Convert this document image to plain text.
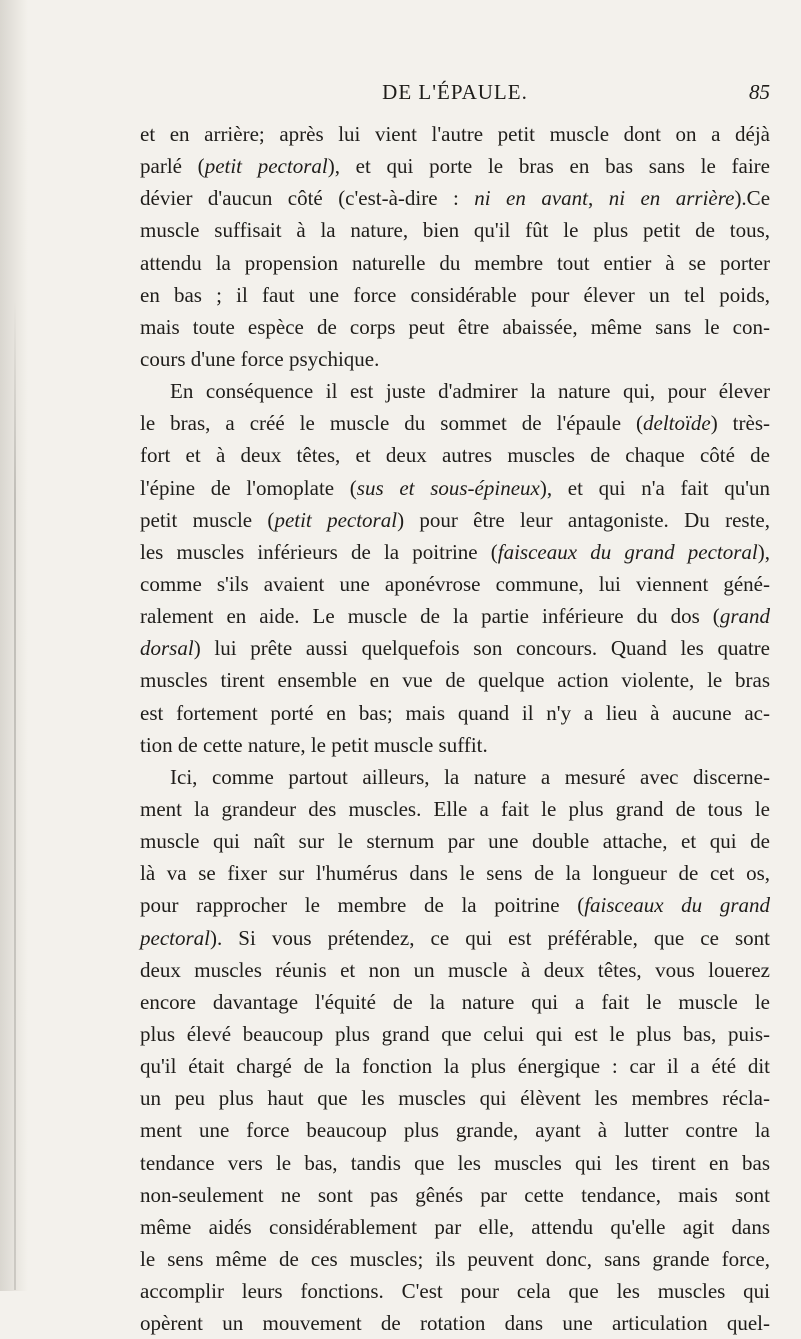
DE L'ÉPAULE.	85
et en arrière; après lui vient l'autre petit muscle dont on a déjà
parlé (petit pectoral), et qui porte le bras en bas sans le faire
dévier d'aucun côté (c'est-à-dire : ni en avant, ni en arrière).Ce
muscle suffisait à la nature, bien qu'il fût le plus petit de tous,
attendu la propension naturelle du membre tout entier à se porter
en bas ; il faut une force considérable pour élever un tel poids,
mais toute espèce de corps peut être abaissée, même sans le con-
cours d'une force psychique.
En conséquence il est juste d'admirer la nature qui, pour élever
le bras, a créé le muscle du sommet de l'épaule (deltoïde) très-
fort et à deux têtes, et deux autres muscles de chaque côté de
l'épine de l'omoplate (sus et sous-épineux), et qui n'a fait qu'un
petit muscle (petit pectoral) pour être leur antagoniste. Du reste,
les muscles inférieurs de la poitrine (faisceaux du grand pectoral),
comme s'ils avaient une aponévrose commune, lui viennent géné-
ralement en aide. Le muscle de la partie inférieure du dos (grand
dorsal) lui prête aussi quelquefois son concours. Quand les quatre
muscles tirent ensemble en vue de quelque action violente, le bras
est fortement porté en bas; mais quand il n'y a lieu à aucune ac-
tion de cette nature, le petit muscle suffit.
Ici, comme partout ailleurs, la nature a mesuré avec discerne-
ment la grandeur des muscles. Elle a fait le plus grand de tous le
muscle qui naît sur le sternum par une double attache, et qui de
là va se fixer sur l'humérus dans le sens de la longueur de cet os,
pour rapprocher le membre de la poitrine (faisceaux du grand
pectoral). Si vous prétendez, ce qui est préférable, que ce sont
deux muscles réunis et non un muscle à deux têtes, vous louerez
encore davantage l'équité de la nature qui a fait le muscle le
plus élevé beaucoup plus grand que celui qui est le plus bas, puis-
qu'il était chargé de la fonction la plus énergique : car il a été dit
un peu plus haut que les muscles qui élèvent les membres récla-
ment une force beaucoup plus grande, ayant à lutter contre la
tendance vers le bas, tandis que les muscles qui les tirent en bas
non-seulement ne sont pas gênés par cette tendance, mais sont
même aidés considérablement par elle, attendu qu'elle agit dans
le sens même de ces muscles; ils peuvent donc, sans grande force,
accomplir leurs fonctions. C'est pour cela que les muscles qui
opèrent un mouvement de rotation dans une articulation quel-
